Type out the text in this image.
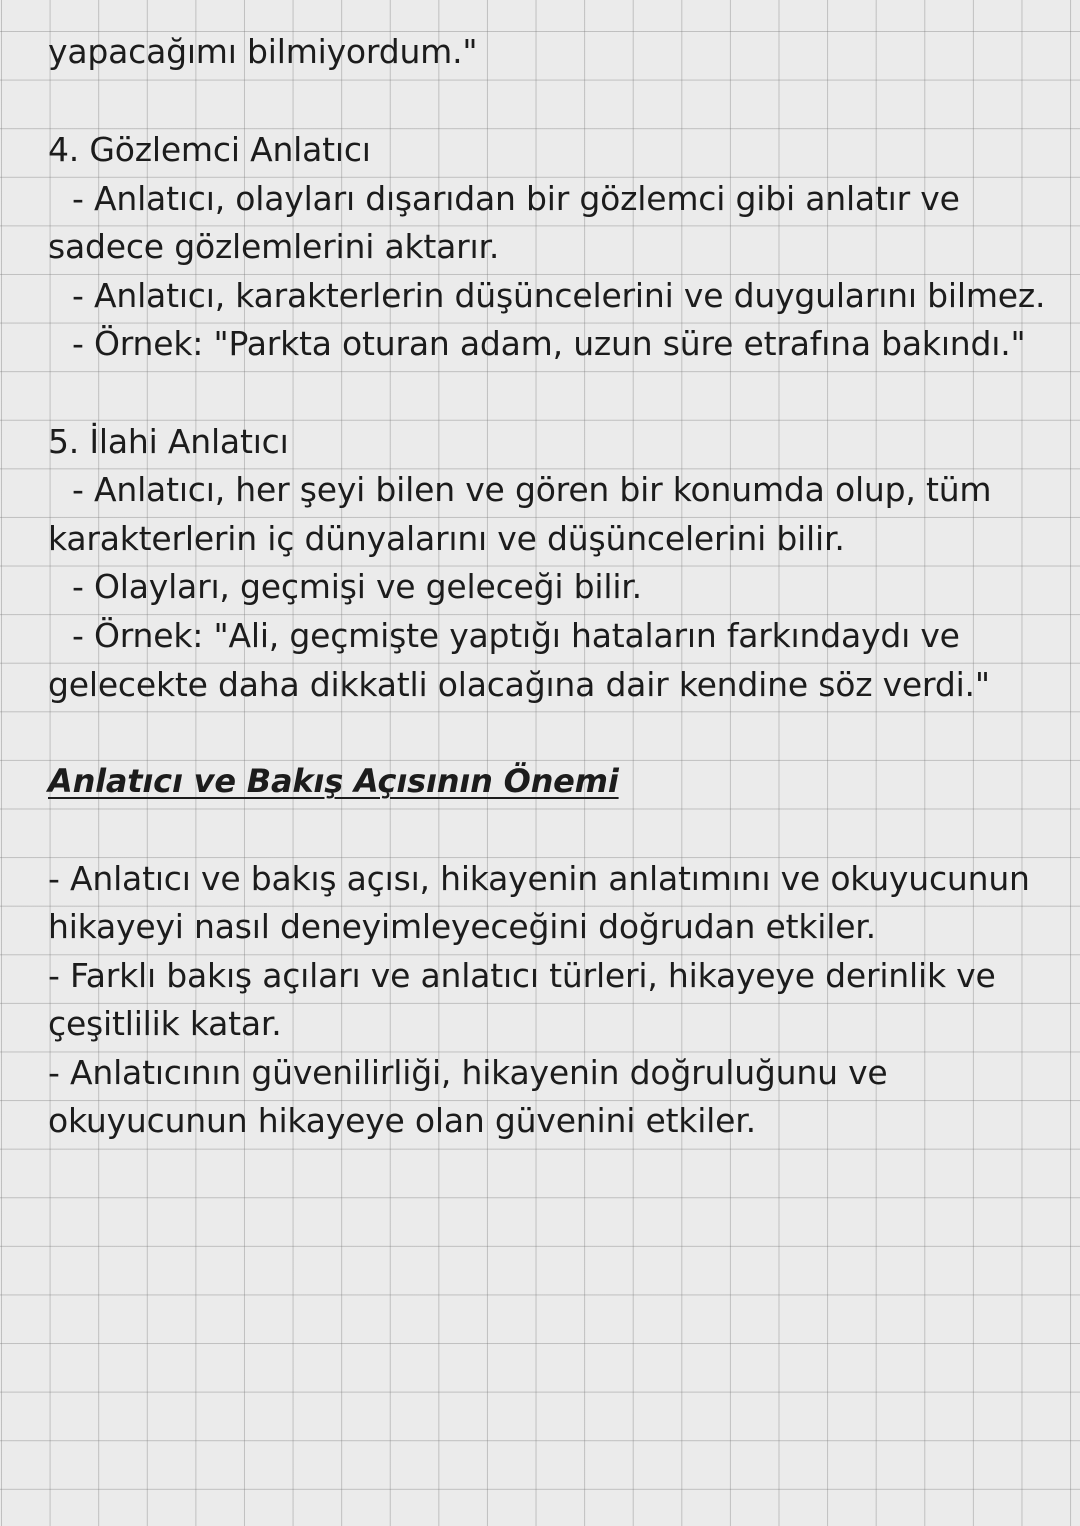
yapacağımı bilmiyordum."
4. Gözlemci Anlatıcı
- Anlatıcı, olayları dışarıdan bir gözlemci gibi anlatır ve
sadece gözlemlerini aktarır.
- Anlatıcı, karakterlerin düşüncelerini ve duygularını bilmez.
- Örnek: "Parkta oturan adam, uzun süre etrafına bakındı."
5. İlahi Anlatıcı
- Anlatıcı, her şeyi bilen ve gören bir konumda olup, tüm
karakterlerin iç dünyalarını ve düşüncelerini bilir.
- Olayları, geçmişi ve geleceği bilir.
- Örnek: "Ali, geçmişte yaptığı hataların farkındaydı ve
gelecekte daha dikkatli olacağına dair kendine söz verdi."
Anlatıcı ve Bakış Açısının Önemi
- Anlatıcı ve bakış açısı, hikayenin anlatımını ve okuyucunun
hikayeyi nasıl deneyimleyeceğini doğrudan etkiler.
- Farklı bakış açıları ve anlatıcı türleri, hikayeye derinlik ve
çeşitlilik katar.
- Anlatıcının güvenilirliği, hikayenin doğruluğunu ve
okuyucunun hikayeye olan güvenini etkiler.
